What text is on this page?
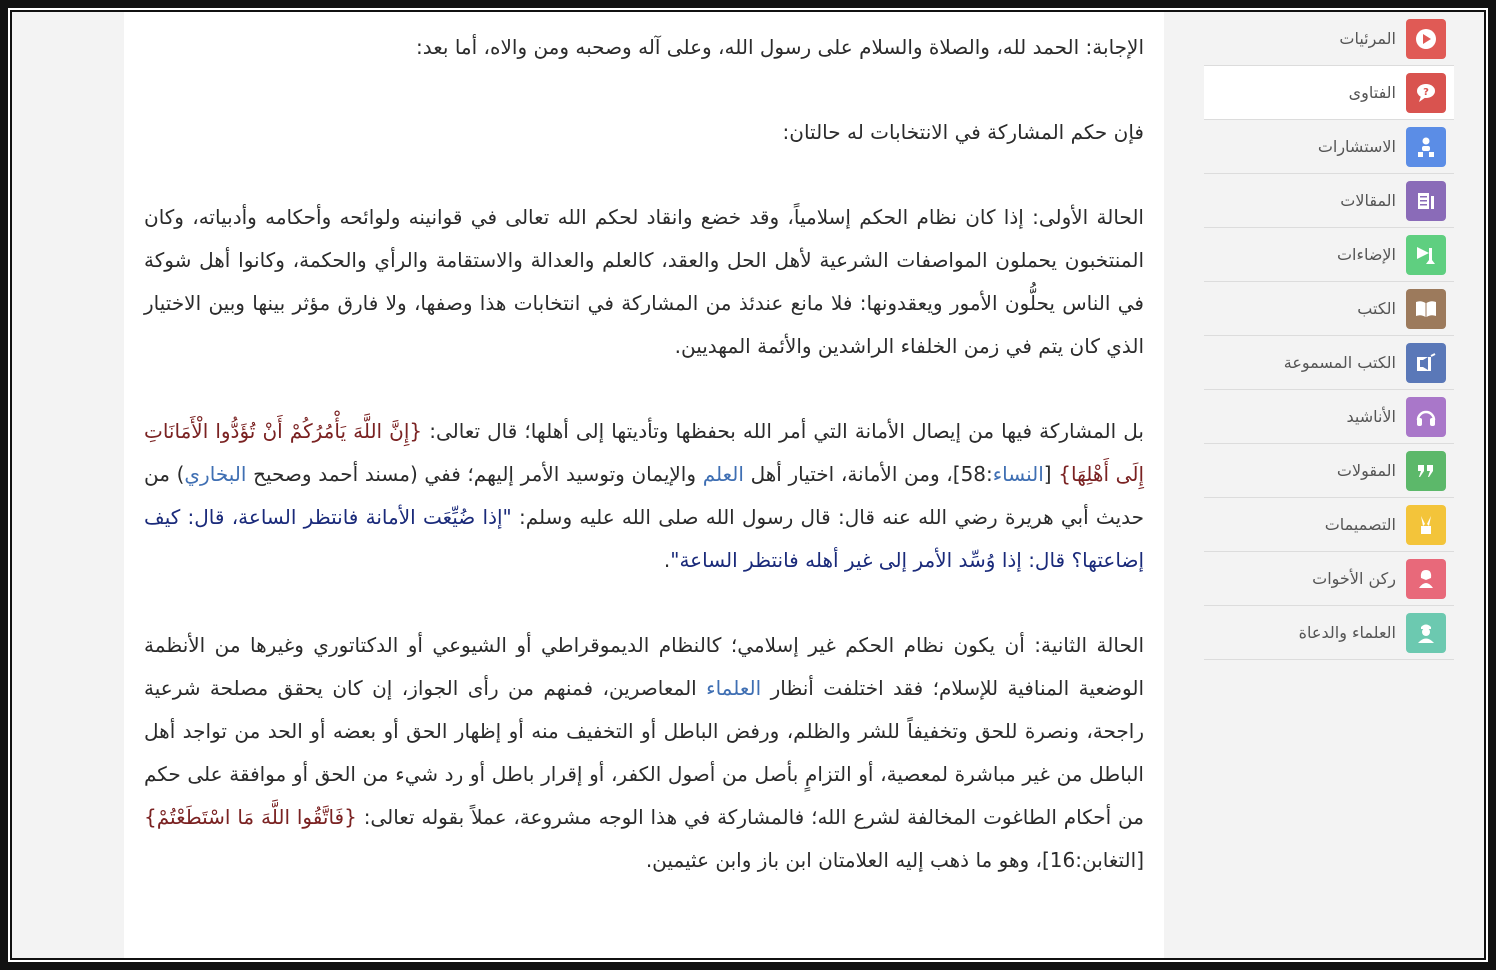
الإجابة: الحمد لله، والصلاة والسلام على رسول الله، وعلى آله وصحبه ومن والاه، أما بعد:

فإن حكم المشاركة في الانتخابات له حالتان:

الحالة الأولى: إذا كان نظام الحكم إسلامياً، وقد خضع وانقاد لحكم الله تعالى في قوانينه ولوائحه وأحكامه وأدبياته، وكان المنتخبون يحملون المواصفات الشرعية لأهل الحل والعقد، كالعلم والعدالة والاستقامة والرأي والحكمة، وكانوا أهل شوكة في الناس يحلُّون الأمور ويعقدونها: فلا مانع عندئذ من المشاركة في انتخابات هذا وصفها، ولا فارق مؤثر بينها وبين الاختيار الذي كان يتم في زمن الخلفاء الراشدين والأئمة المهديين.

بل المشاركة فيها من إيصال الأمانة التي أمر الله بحفظها وتأديتها إلى أهلها؛ قال تعالى: {إِنَّ اللَّهَ يَأْمُرُكُمْ أَنْ تُؤَدُّوا الْأَمَانَاتِ إِلَى أَهْلِهَا} [النساء:58]، ومن الأمانة، اختيار أهل العلم والإيمان وتوسيد الأمر إليهم؛ ففي (مسند أحمد وصحيح البخاري) من حديث أبي هريرة رضي الله عنه قال: قال رسول الله صلى الله عليه وسلم: "إذا ضُيِّعَت الأمانة فانتظر الساعة، قال: كيف إضاعتها؟ قال: إذا وُسِّد الأمر إلى غير أهله فانتظر الساعة".

الحالة الثانية: أن يكون نظام الحكم غير إسلامي؛ كالنظام الديموقراطي أو الشيوعي أو الدكتاتوري وغيرها من الأنظمة الوضعية المنافية للإسلام؛ فقد اختلفت أنظار العلماء المعاصرين، فمنهم من رأى الجواز، إن كان يحقق مصلحة شرعية راجحة، ونصرة للحق وتخفيفاً للشر والظلم، ورفض الباطل أو التخفيف منه أو إظهار الحق أو بعضه أو الحد من تواجد أهل الباطل من غير مباشرة لمعصية، أو التزامٍ بأصل من أصول الكفر، أو إقرار باطل أو رد شيء من الحق أو موافقة على حكم من أحكام الطاغوت المخالفة لشرع الله؛ فالمشاركة في هذا الوجه مشروعة، عملاً بقوله تعالى: {فَاتَّقُوا اللَّهَ مَا اسْتَطَعْتُمْ} [التغابن:16]، وهو ما ذهب إليه العلامتان ابن باز وابن عثيمين.

المرئيات
?
الفتاوى
الاستشارات
المقالات
الإضاءات
الكتب
الكتب المسموعة
الأناشيد
المقولات
التصميمات
ركن الأخوات
العلماء والدعاة
